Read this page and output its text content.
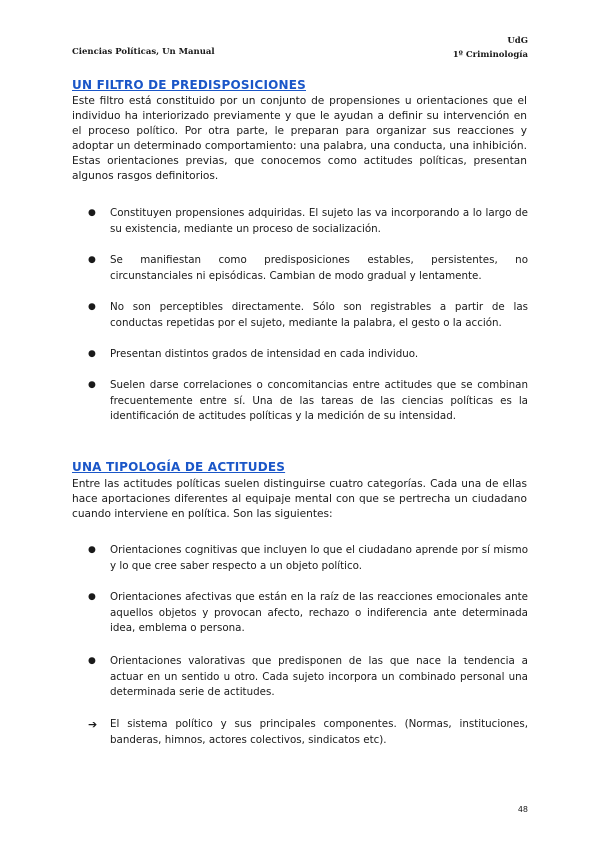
Ciencias Políticas, Un Manual
UdG
1º Criminología
UN FILTRO DE PREDISPOSICIONES
Este filtro está constituido por un conjunto de propensiones u orientaciones que el individuo ha interiorizado previamente y que le ayudan a definir su intervención en el proceso político. Por otra parte, le preparan para organizar sus reacciones y adoptar un determinado comportamiento: una palabra, una conducta, una inhibición. Estas orientaciones previas, que conocemos como actitudes políticas, presentan algunos rasgos definitorios.
●	Constituyen propensiones adquiridas. El sujeto las va incorporando a lo largo de su existencia, mediante un proceso de socialización.
●	Se manifiestan como predisposiciones estables, persistentes, no circunstanciales ni episódicas. Cambian de modo gradual y lentamente.
●	No son perceptibles directamente. Sólo son registrables a partir de las conductas repetidas por el sujeto, mediante la palabra, el gesto o la acción.
●	Presentan distintos grados de intensidad en cada individuo.
●	Suelen darse correlaciones o concomitancias entre actitudes que se combinan frecuentemente entre sí. Una de las tareas de las ciencias políticas es la identificación de actitudes políticas y la medición de su intensidad.
UNA TIPOLOGÍA DE ACTITUDES
Entre las actitudes políticas suelen distinguirse cuatro categorías. Cada una de ellas hace aportaciones diferentes al equipaje mental con que se pertrecha un ciudadano cuando interviene en política. Son las siguientes:
●	Orientaciones cognitivas que incluyen lo que el ciudadano aprende por sí mismo y lo que cree saber respecto a un objeto político.
●	Orientaciones afectivas que están en la raíz de las reacciones emocionales ante aquellos objetos y provocan afecto, rechazo o indiferencia ante determinada idea, emblema o persona.
●	Orientaciones valorativas que predisponen de las que nace la tendencia a actuar en un sentido u otro. Cada sujeto incorpora un combinado personal una determinada serie de actitudes.
➔	El sistema político y sus principales componentes. (Normas, instituciones, banderas, himnos, actores colectivos, sindicatos etc).
48
